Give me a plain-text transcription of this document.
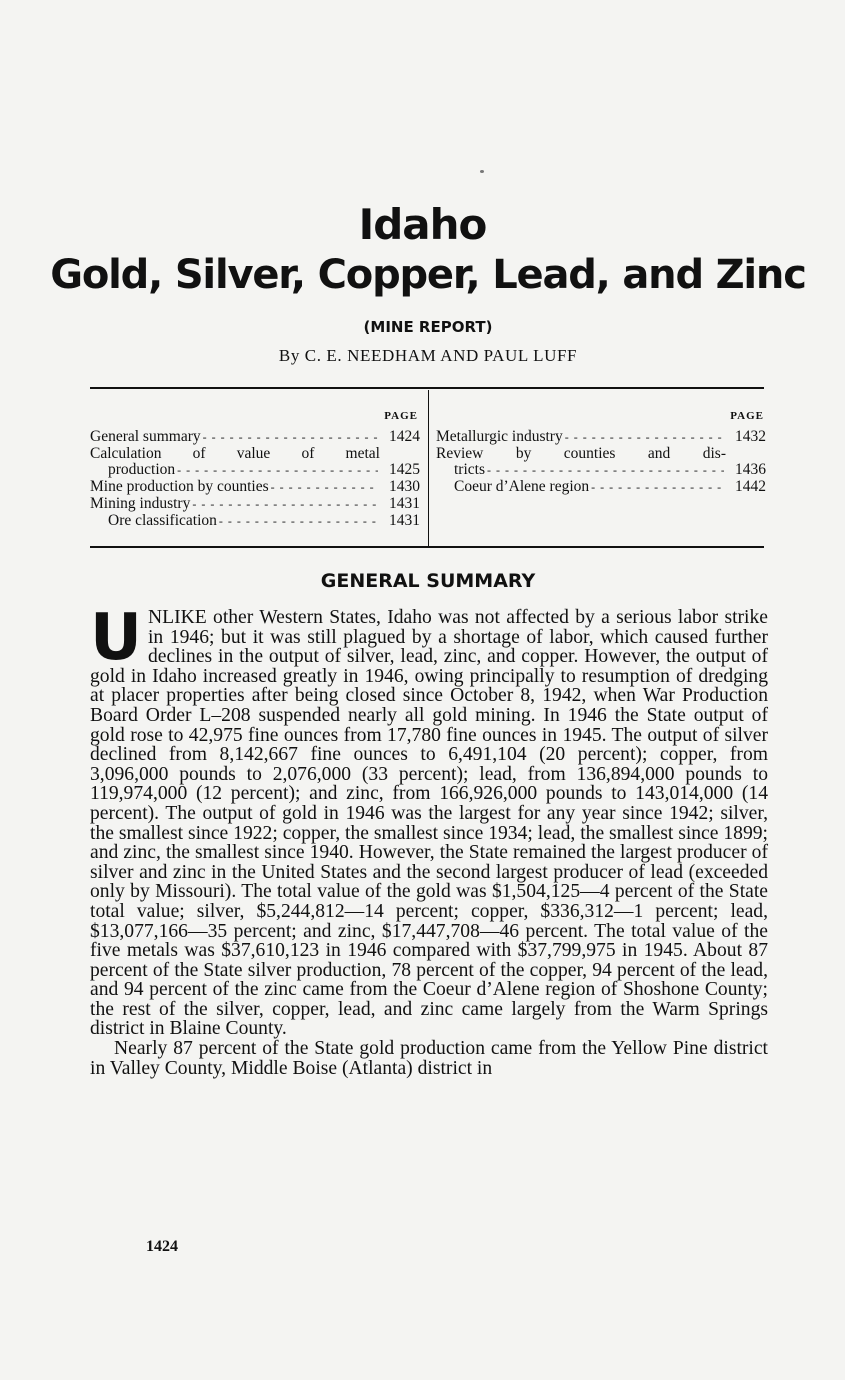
Idaho
Gold, Silver, Copper, Lead, and Zinc
(MINE REPORT)
By C. E. NEEDHAM AND PAUL LUFF
PAGE
General summary - - -	1424
Calculation of value of metal
production - - -	1425
Mine production by counties - - -	1430
Mining industry - - -	1431
Ore classification - - -	1431
PAGE
Metallurgic industry - - -	1432
Review by counties and dis-
tricts - - -	1436
Coeur d’Alene region - - -	1442
GENERAL SUMMARY

UNLIKE other Western States, Idaho was not affected by a serious labor strike in 1946; but it was still plagued by a shortage of labor, which caused further declines in the output of silver, lead, zinc, and copper. However, the output of gold in Idaho increased greatly in 1946, owing principally to resumption of dredging at placer properties after being closed since October 8, 1942, when War Production Board Order L–208 suspended nearly all gold mining. In 1946 the State output of gold rose to 42,975 fine ounces from 17,780 fine ounces in 1945. The output of silver declined from 8,142,667 fine ounces to 6,491,104 (20 percent); copper, from 3,096,000 pounds to 2,076,000 (33 percent); lead, from 136,894,000 pounds to 119,974,000 (12 percent); and zinc, from 166,926,000 pounds to 143,014,000 (14 percent). The output of gold in 1946 was the largest for any year since 1942; silver, the smallest since 1922; copper, the smallest since 1934; lead, the smallest since 1899; and zinc, the smallest since 1940. However, the State remained the largest producer of silver and zinc in the United States and the second largest producer of lead (exceeded only by Missouri). The total value of the gold was $1,504,125—4 percent of the State total value; silver, $5,244,812—14 percent; copper, $336,312—1 percent; lead, $13,077,166—35 percent; and zinc, $17,447,708—46 percent. The total value of the five metals was $37,610,123 in 1946 compared with $37,799,975 in 1945. About 87 percent of the State silver production, 78 percent of the copper, 94 percent of the lead, and 94 percent of the zinc came from the Coeur d’Alene region of Shoshone County; the rest of the silver, copper, lead, and zinc came largely from the Warm Springs district in Blaine County.

Nearly 87 percent of the State gold production came from the Yellow Pine district in Valley County, Middle Boise (Atlanta) district in

1424
